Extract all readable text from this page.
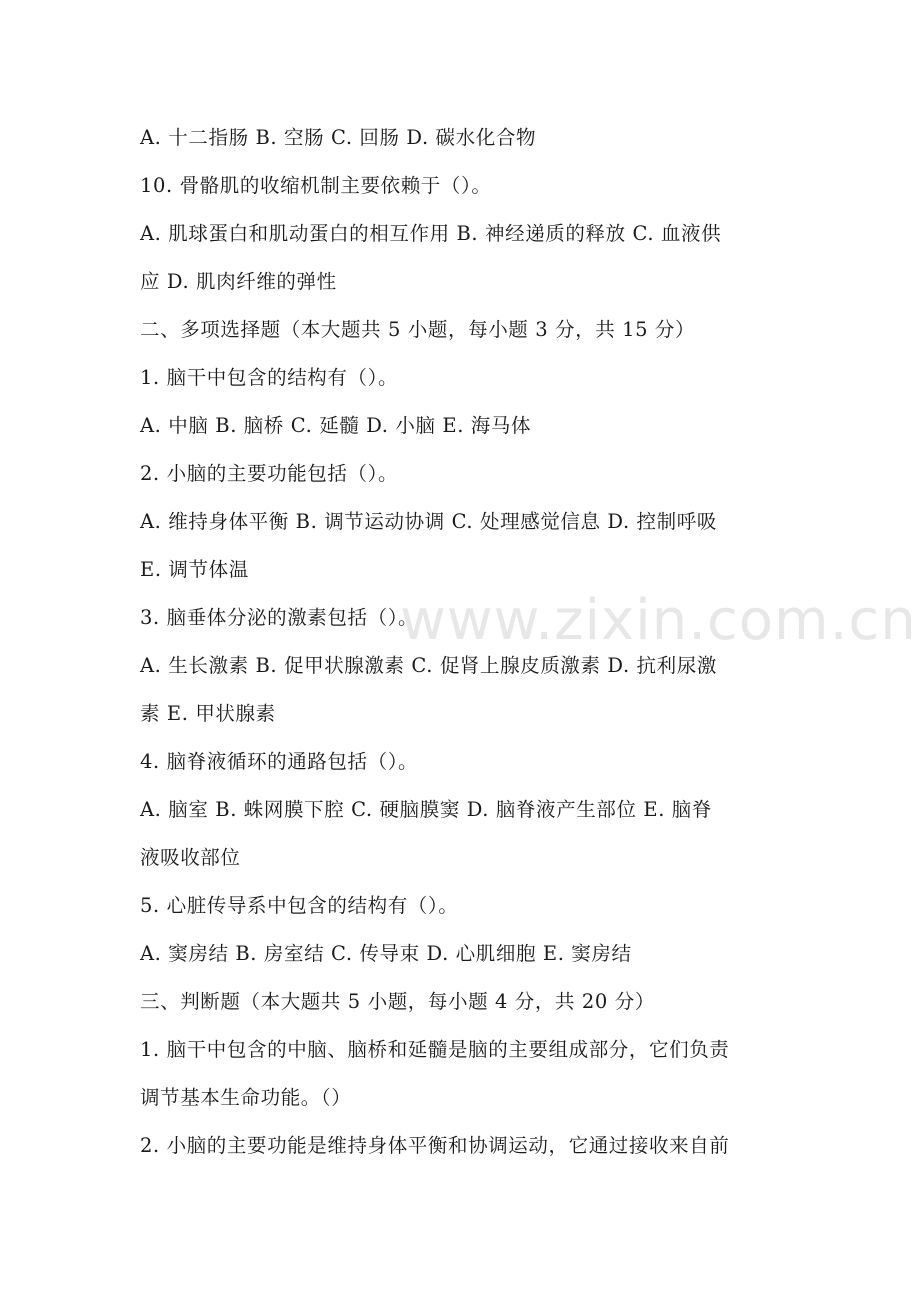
A. 十二指肠 B. 空肠 C. 回肠 D. 碳水化合物
10. 骨骼肌的收缩机制主要依赖于（）。
A. 肌球蛋白和肌动蛋白的相互作用 B. 神经递质的释放 C. 血液供
应 D. 肌肉纤维的弹性
二、多项选择题（本大题共 5 小题，每小题 3 分，共 15 分）
1. 脑干中包含的结构有（）。
A. 中脑 B. 脑桥 C. 延髓 D. 小脑 E. 海马体
2. 小脑的主要功能包括（）。
A. 维持身体平衡 B. 调节运动协调 C. 处理感觉信息 D. 控制呼吸
E. 调节体温
3. 脑垂体分泌的激素包括（）。
A. 生长激素 B. 促甲状腺激素 C. 促肾上腺皮质激素 D. 抗利尿激
素 E. 甲状腺素
4. 脑脊液循环的通路包括（）。
A. 脑室 B. 蛛网膜下腔 C. 硬脑膜窦 D. 脑脊液产生部位 E. 脑脊
液吸收部位
5. 心脏传导系中包含的结构有（）。
A. 窦房结 B. 房室结 C. 传导束 D. 心肌细胞 E. 窦房结
三、判断题（本大题共 5 小题，每小题 4 分，共 20 分）
1. 脑干中包含的中脑、脑桥和延髓是脑的主要组成部分，它们负责
调节基本生命功能。（）
2. 小脑的主要功能是维持身体平衡和协调运动，它通过接收来自前
www.zixin.com.cn
